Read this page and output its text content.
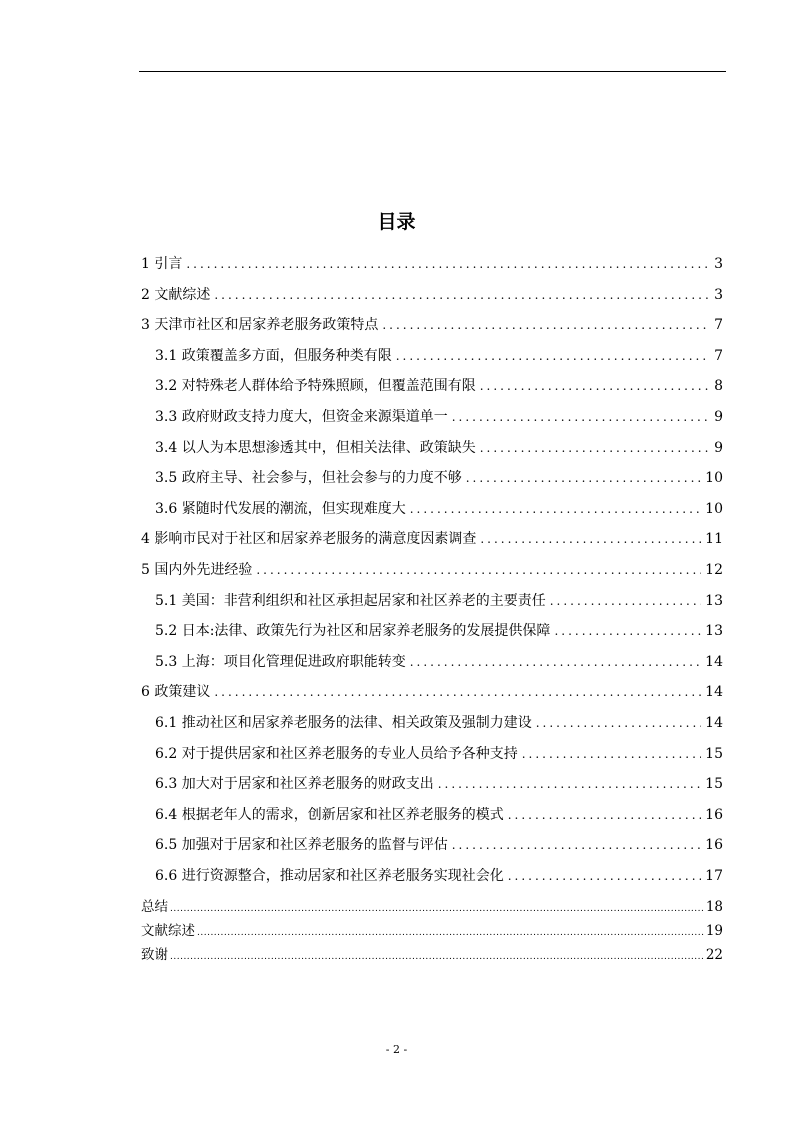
目录
1 引言 .....	3
2 文献综述 .....	3
3 天津市社区和居家养老服务政策特点 .....	7
3.1 政策覆盖多方面，但服务种类有限 .....	7
3.2 对特殊老人群体给予特殊照顾，但覆盖范围有限 .....	8
3.3 政府财政支持力度大，但资金来源渠道单一 .....	9
3.4 以人为本思想渗透其中，但相关法律、政策缺失 .....	9
3.5 政府主导、社会参与，但社会参与的力度不够 .....	10
3.6 紧随时代发展的潮流，但实现难度大 .....	10
4 影响市民对于社区和居家养老服务的满意度因素调查 .....	11
5 国内外先进经验 .....	12
5.1 美国：非营利组织和社区承担起居家和社区养老的主要责任 .....	13
5.2 日本:法律、政策先行为社区和居家养老服务的发展提供保障 .....	13
5.3 上海：项目化管理促进政府职能转变 .....	14
6 政策建议 .....	14
6.1 推动社区和居家养老服务的法律、相关政策及强制力建设 .....	14
6.2 对于提供居家和社区养老服务的专业人员给予各种支持 .....	15
6.3 加大对于居家和社区养老服务的财政支出 .....	15
6.4 根据老年人的需求，创新居家和社区养老服务的模式 .....	16
6.5 加强对于居家和社区养老服务的监督与评估 .....	16
6.6 进行资源整合，推动居家和社区养老服务实现社会化 .....	17
总结 .....	18
文献综述 .....	19
致谢 .....	22
- 2 -
